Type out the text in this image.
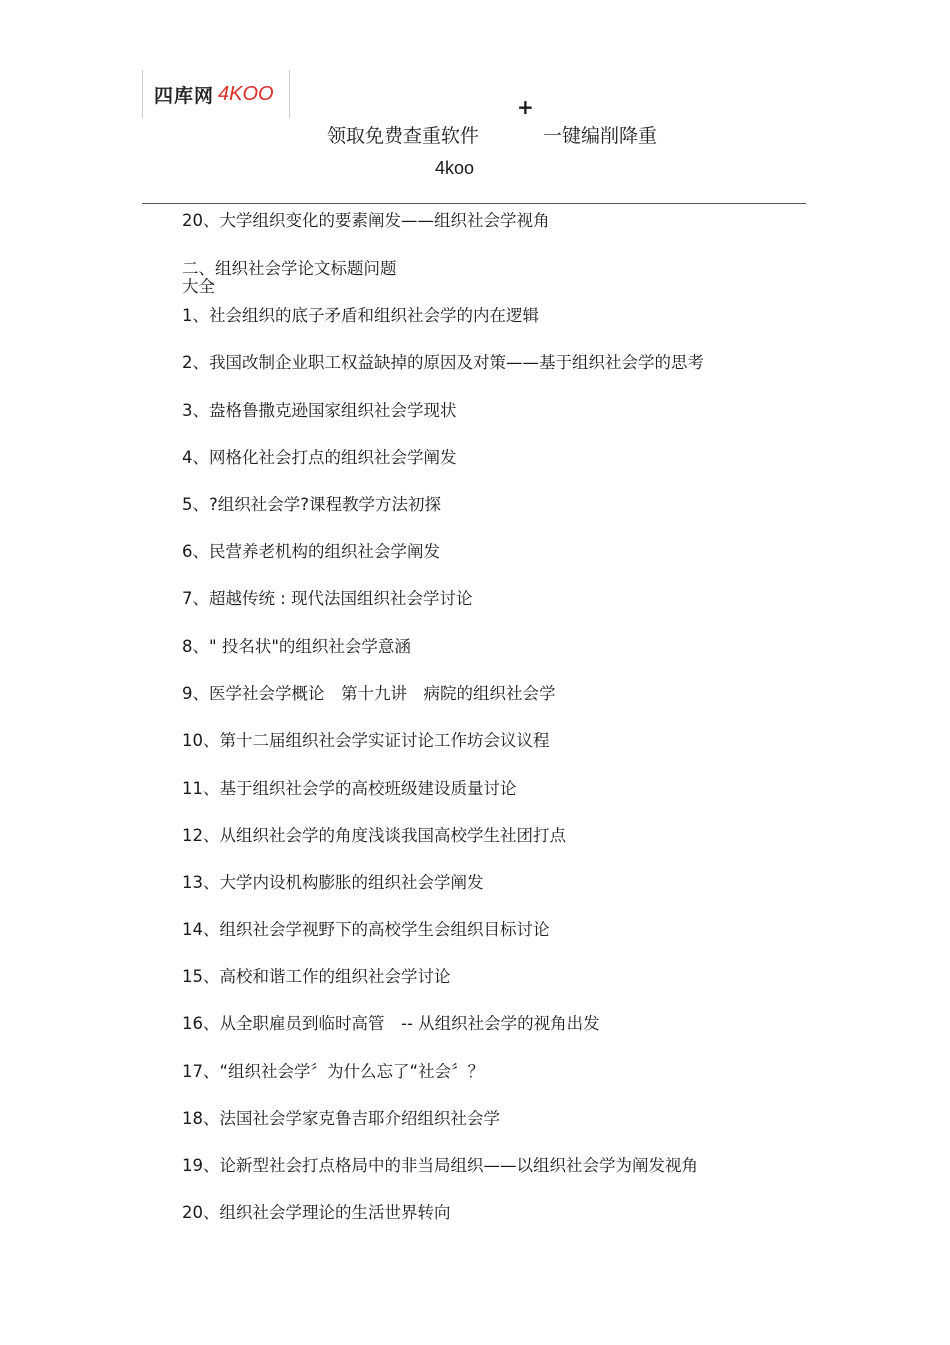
四库网 4KOO
+
领取免费查重软件	一键编削降重
4koo
20、大学组织变化的要素阐发——组织社会学视角
二、组织社会学论文标题问题
大全
1、社会组织的底子矛盾和组织社会学的内在逻辑
2、我国改制企业职工权益缺掉的原因及对策——基于组织社会学的思考
3、盎格鲁撒克逊国家组织社会学现状
4、网格化社会打点的组织社会学阐发
5、?组织社会学?课程教学方法初探
6、民营养老机构的组织社会学阐发
7、超越传统 : 现代法国组织社会学讨论
8、" 投名状"的组织社会学意涵
9、医学社会学概论　第十九讲　病院的组织社会学
10、第十二届组织社会学实证讨论工作坊会议议程
11、基于组织社会学的高校班级建设质量讨论
12、从组织社会学的角度浅谈我国高校学生社团打点
13、大学内设机构膨胀的组织社会学阐发
14、组织社会学视野下的高校学生会组织目标讨论
15、高校和谐工作的组织社会学讨论
16、从全职雇员到临时高管　-- 从组织社会学的视角出发
17、“组织社会学〞为什么忘了“社会〞？
18、法国社会学家克鲁吉耶介绍组织社会学
19、论新型社会打点格局中的非当局组织——以组织社会学为阐发视角
20、组织社会学理论的生活世界转向
